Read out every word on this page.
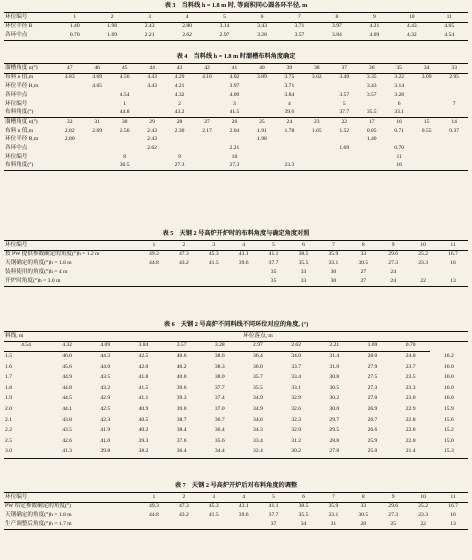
表 3　当料线 h = 1.8 m 时, 等面积同心圆各环半径, m

环位编号	1	2	3	4	5	6	7	8	9	10	11
环位半径 R	1.40	1.98	2.43	2.80	3.14	3.43	3.71	3.97	4.21	4.43	4.65
各环中点	0.70	1.69	2.21	2.62	2.97	3.28	3.57	3.84	4.09	4.32	4.54

表 4　当料线 h = 1.8 m 时溜槽布料角度确定

溜槽角度 α(°)	47	46	45	44	43	42	41	40	39	38	37	36	35	34	33
布料 n 值,m	4.83	4.69	4.56	4.43	4.29	4.16	4.02	3.89	3.75	3.62	3.49	3.35	3.22	3.09	2.95
环位半径 R,m		4.65		4.43	4.21		3.97		3.71			3.43	3.14		
各环中点			4.54		4.32		4.09		3.84		3.57	3.57	3.28		
环位编号			1		2		3		4		5		6		7
布料角度(°)			44.8		43.2		41.5		39.6		37.7	35.5	33.1		
溜槽角度 α(°)	32	31	30	29	28	27	26	25	24	23	22	17	16	15	14
布料 n 值,m	2.82	2.69	2.56	2.43	2.30	2.17	2.04	1.91	1.78	1.65	1.52	0.85	0.71	0.55	0.37
环位半径 R,m	2.80			2.43				1.98				1.40			
各环中点				2.62			2.21				1.69		0.70		
环位编号			8		9		10						11		
布料角度(°)			30.5		27.3		27.3		23.3				16		

表 5　天钢 2 号高炉开炉时的布料角度与确定角度对照

环位编号	1	2	3	4	5	6	7	8	9	10	11
按 PW 提供参数确定的角度(°)h = 1.2 m	49.3	47.3	45.3	43.1	41.1	38.5	35.9	33	29.6	25.2	16.7
天钢确定的角度(°)h = 1.8 m	44.8	43.2	41.5	39.6	37.7	35.5	33.1	30.5	27.3	23.3	16
装料使用的角度(°)h = 4 m					35	33	30	27	24		
开炉时角度(°)h = 3.0 m					35	33	30	27	24	22	13

表 6　天钢 2 号高炉不同料线不同环位对应的角度, (°)

料线, m	环位落点, m										
4.54	4.32	4.09	3.84	3.57	3.28	2.97	2.62	2.21	1.69	0.70	
1.5	46.0	44.3	42.5	40.6	38.6	36.4	34.0	31.4	28.0	24.0	16.2
1.6	45.6	44.0	42.0	40.2	38.3	36.0	33.7	31.0	27.9	23.7	16.0
1.7	44.9	43.5	41.8	40.0	38.0	35.7	33.4	30.8	27.5	23.5	16.0
1.8	44.8	43.2	41.5	39.6	37.7	35.5	33.1	30.5	27.3	23.3	16.0
1.9	44.5	42.9	41.1	39.3	37.4	34.9	32.9	30.2	27.0	23.0	16.0
2.0	44.1	42.5	40.9	39.0	37.0	34.9	32.6	30.0	26.9	22.9	15.9
2.1	43.8	42.3	40.5	38.7	36.7	34.6	32.3	29.7	26.7	22.8	15.6
2.2	43.5	41.9	40.2	38.4	36.4	34.3	32.0	29.5	26.6	22.6	15.2
2.5	42.6	41.0	39.3	37.6	35.6	33.4	31.2	28.8	25.9	22.0	15.0
3.0	41.3	39.8	38.2	36.4	34.4	32.4	30.2	27.8	25.0	21.4	15.3

表 7　天钢 2 号高炉开炉后对布料角度的调整

环位编号	1	2	3	4	5	6	7	8	9	10	11
PW 给定参数确定的角度(°)	49.3	47.3	45.3	43.1	41.1	38.5	35.9	33	29.6	25.2	16.7
天钢确定的角度(°)h = 1.8 m	44.8	43.2	41.5	39.6	37.7	35.5	33.1	30.5	27.3	23.3	16
生产调整后角度(°)h = 1.7 m					37	34	31	28	25	22	13
